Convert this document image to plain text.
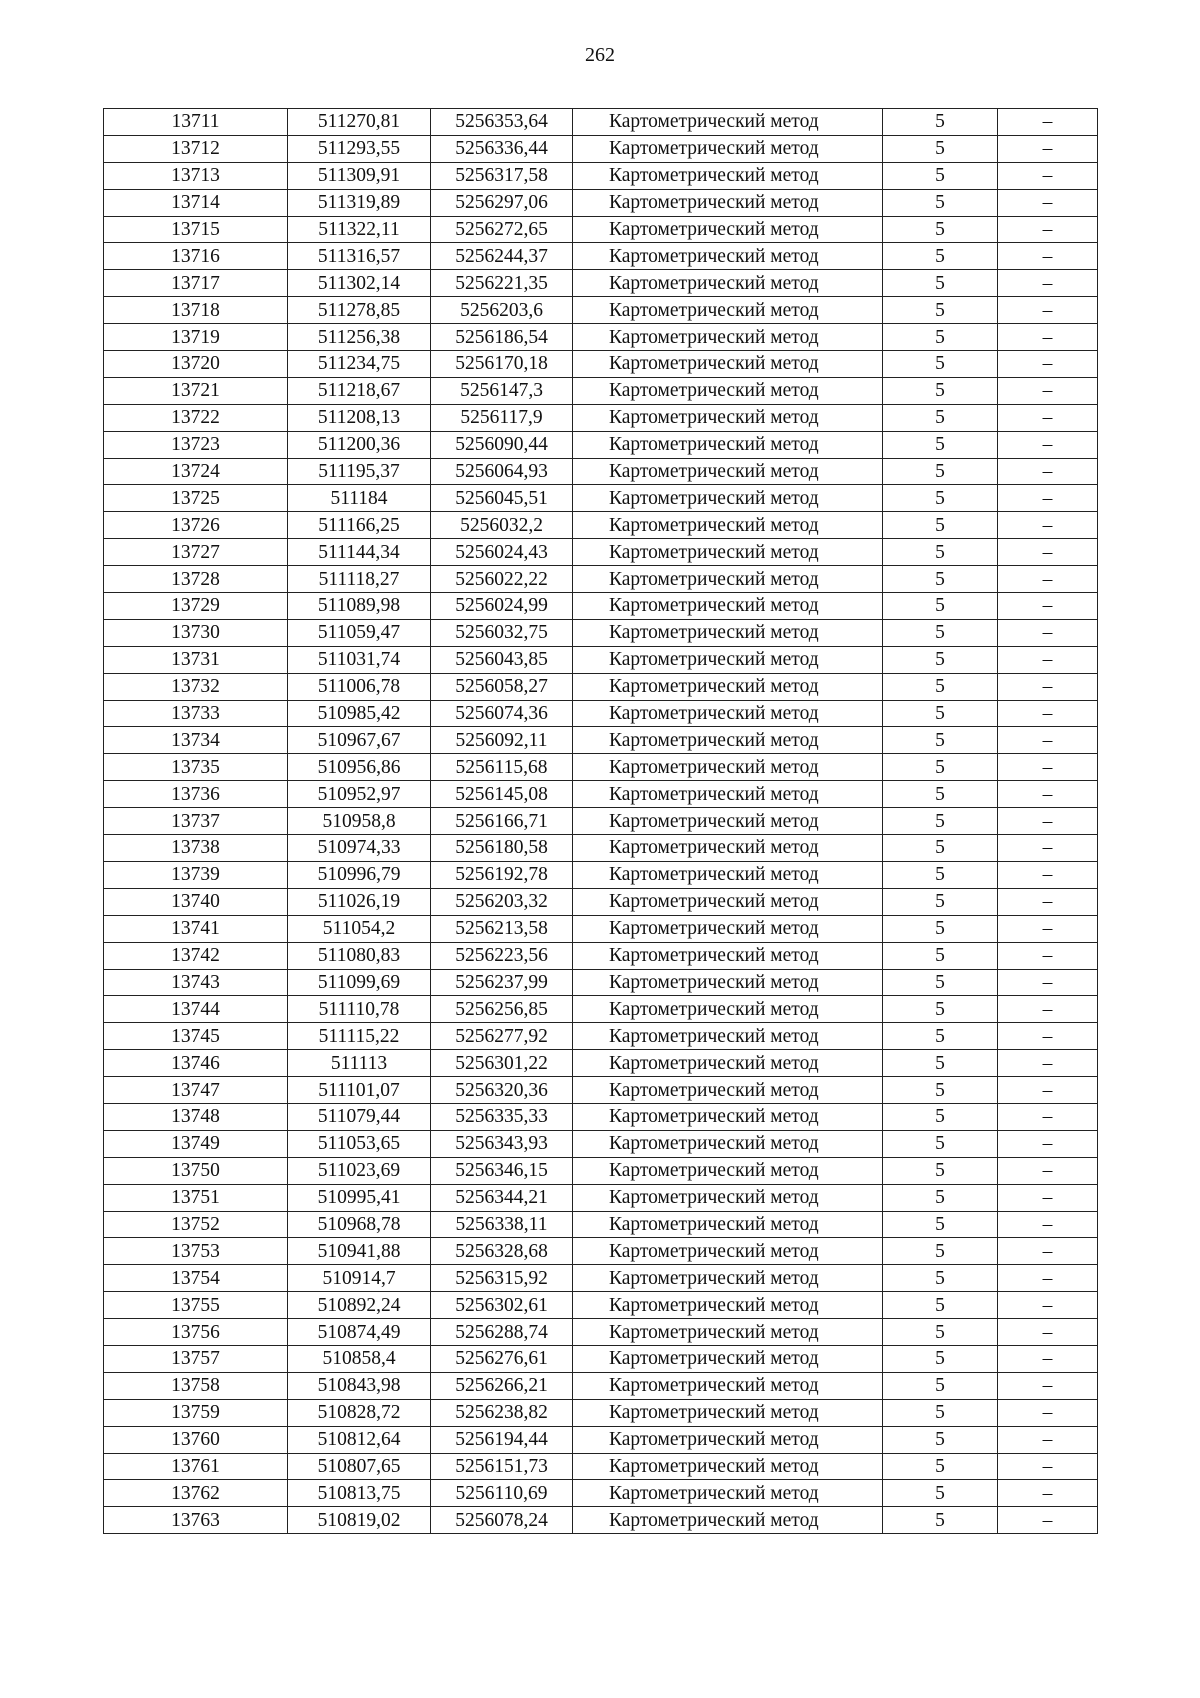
262
13711	511270,81	5256353,64	Картометрический метод	5	–
13712	511293,55	5256336,44	Картометрический метод	5	–
13713	511309,91	5256317,58	Картометрический метод	5	–
13714	511319,89	5256297,06	Картометрический метод	5	–
13715	511322,11	5256272,65	Картометрический метод	5	–
13716	511316,57	5256244,37	Картометрический метод	5	–
13717	511302,14	5256221,35	Картометрический метод	5	–
13718	511278,85	5256203,6	Картометрический метод	5	–
13719	511256,38	5256186,54	Картометрический метод	5	–
13720	511234,75	5256170,18	Картометрический метод	5	–
13721	511218,67	5256147,3	Картометрический метод	5	–
13722	511208,13	5256117,9	Картометрический метод	5	–
13723	511200,36	5256090,44	Картометрический метод	5	–
13724	511195,37	5256064,93	Картометрический метод	5	–
13725	511184	5256045,51	Картометрический метод	5	–
13726	511166,25	5256032,2	Картометрический метод	5	–
13727	511144,34	5256024,43	Картометрический метод	5	–
13728	511118,27	5256022,22	Картометрический метод	5	–
13729	511089,98	5256024,99	Картометрический метод	5	–
13730	511059,47	5256032,75	Картометрический метод	5	–
13731	511031,74	5256043,85	Картометрический метод	5	–
13732	511006,78	5256058,27	Картометрический метод	5	–
13733	510985,42	5256074,36	Картометрический метод	5	–
13734	510967,67	5256092,11	Картометрический метод	5	–
13735	510956,86	5256115,68	Картометрический метод	5	–
13736	510952,97	5256145,08	Картометрический метод	5	–
13737	510958,8	5256166,71	Картометрический метод	5	–
13738	510974,33	5256180,58	Картометрический метод	5	–
13739	510996,79	5256192,78	Картометрический метод	5	–
13740	511026,19	5256203,32	Картометрический метод	5	–
13741	511054,2	5256213,58	Картометрический метод	5	–
13742	511080,83	5256223,56	Картометрический метод	5	–
13743	511099,69	5256237,99	Картометрический метод	5	–
13744	511110,78	5256256,85	Картометрический метод	5	–
13745	511115,22	5256277,92	Картометрический метод	5	–
13746	511113	5256301,22	Картометрический метод	5	–
13747	511101,07	5256320,36	Картометрический метод	5	–
13748	511079,44	5256335,33	Картометрический метод	5	–
13749	511053,65	5256343,93	Картометрический метод	5	–
13750	511023,69	5256346,15	Картометрический метод	5	–
13751	510995,41	5256344,21	Картометрический метод	5	–
13752	510968,78	5256338,11	Картометрический метод	5	–
13753	510941,88	5256328,68	Картометрический метод	5	–
13754	510914,7	5256315,92	Картометрический метод	5	–
13755	510892,24	5256302,61	Картометрический метод	5	–
13756	510874,49	5256288,74	Картометрический метод	5	–
13757	510858,4	5256276,61	Картометрический метод	5	–
13758	510843,98	5256266,21	Картометрический метод	5	–
13759	510828,72	5256238,82	Картометрический метод	5	–
13760	510812,64	5256194,44	Картометрический метод	5	–
13761	510807,65	5256151,73	Картометрический метод	5	–
13762	510813,75	5256110,69	Картометрический метод	5	–
13763	510819,02	5256078,24	Картометрический метод	5	–
